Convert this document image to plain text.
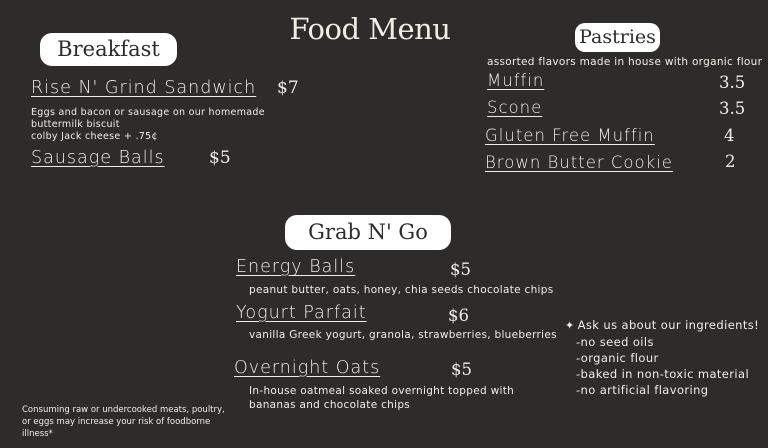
Food Menu
Breakfast
Rise N' Grind Sandwich $7
Eggs and bacon or sausage on our homemade
buttermilk biscuit
colby Jack cheese + .75¢
Sausage Balls	$5
Pastries
assorted flavors made in house with organic flour
Muffin	3.5
Scone	3.5
Gluten Free Muffin	4
Brown Butter Cookie	2
Grab N' Go
Energy Balls	$5
peanut butter, oats, honey, chia seeds chocolate chips
Yogurt Parfait	$6
vanilla Greek yogurt, granola, strawberries, blueberries
Overnight Oats	$5
In-house oatmeal soaked overnight topped with
bananas and chocolate chips
✦ Ask us about our ingredients!
-no seed oils
-organic flour
-baked in non-toxic material
-no artificial flavoring
Consuming raw or undercooked meats, poultry, or eggs may increase your risk of foodborne illness*
